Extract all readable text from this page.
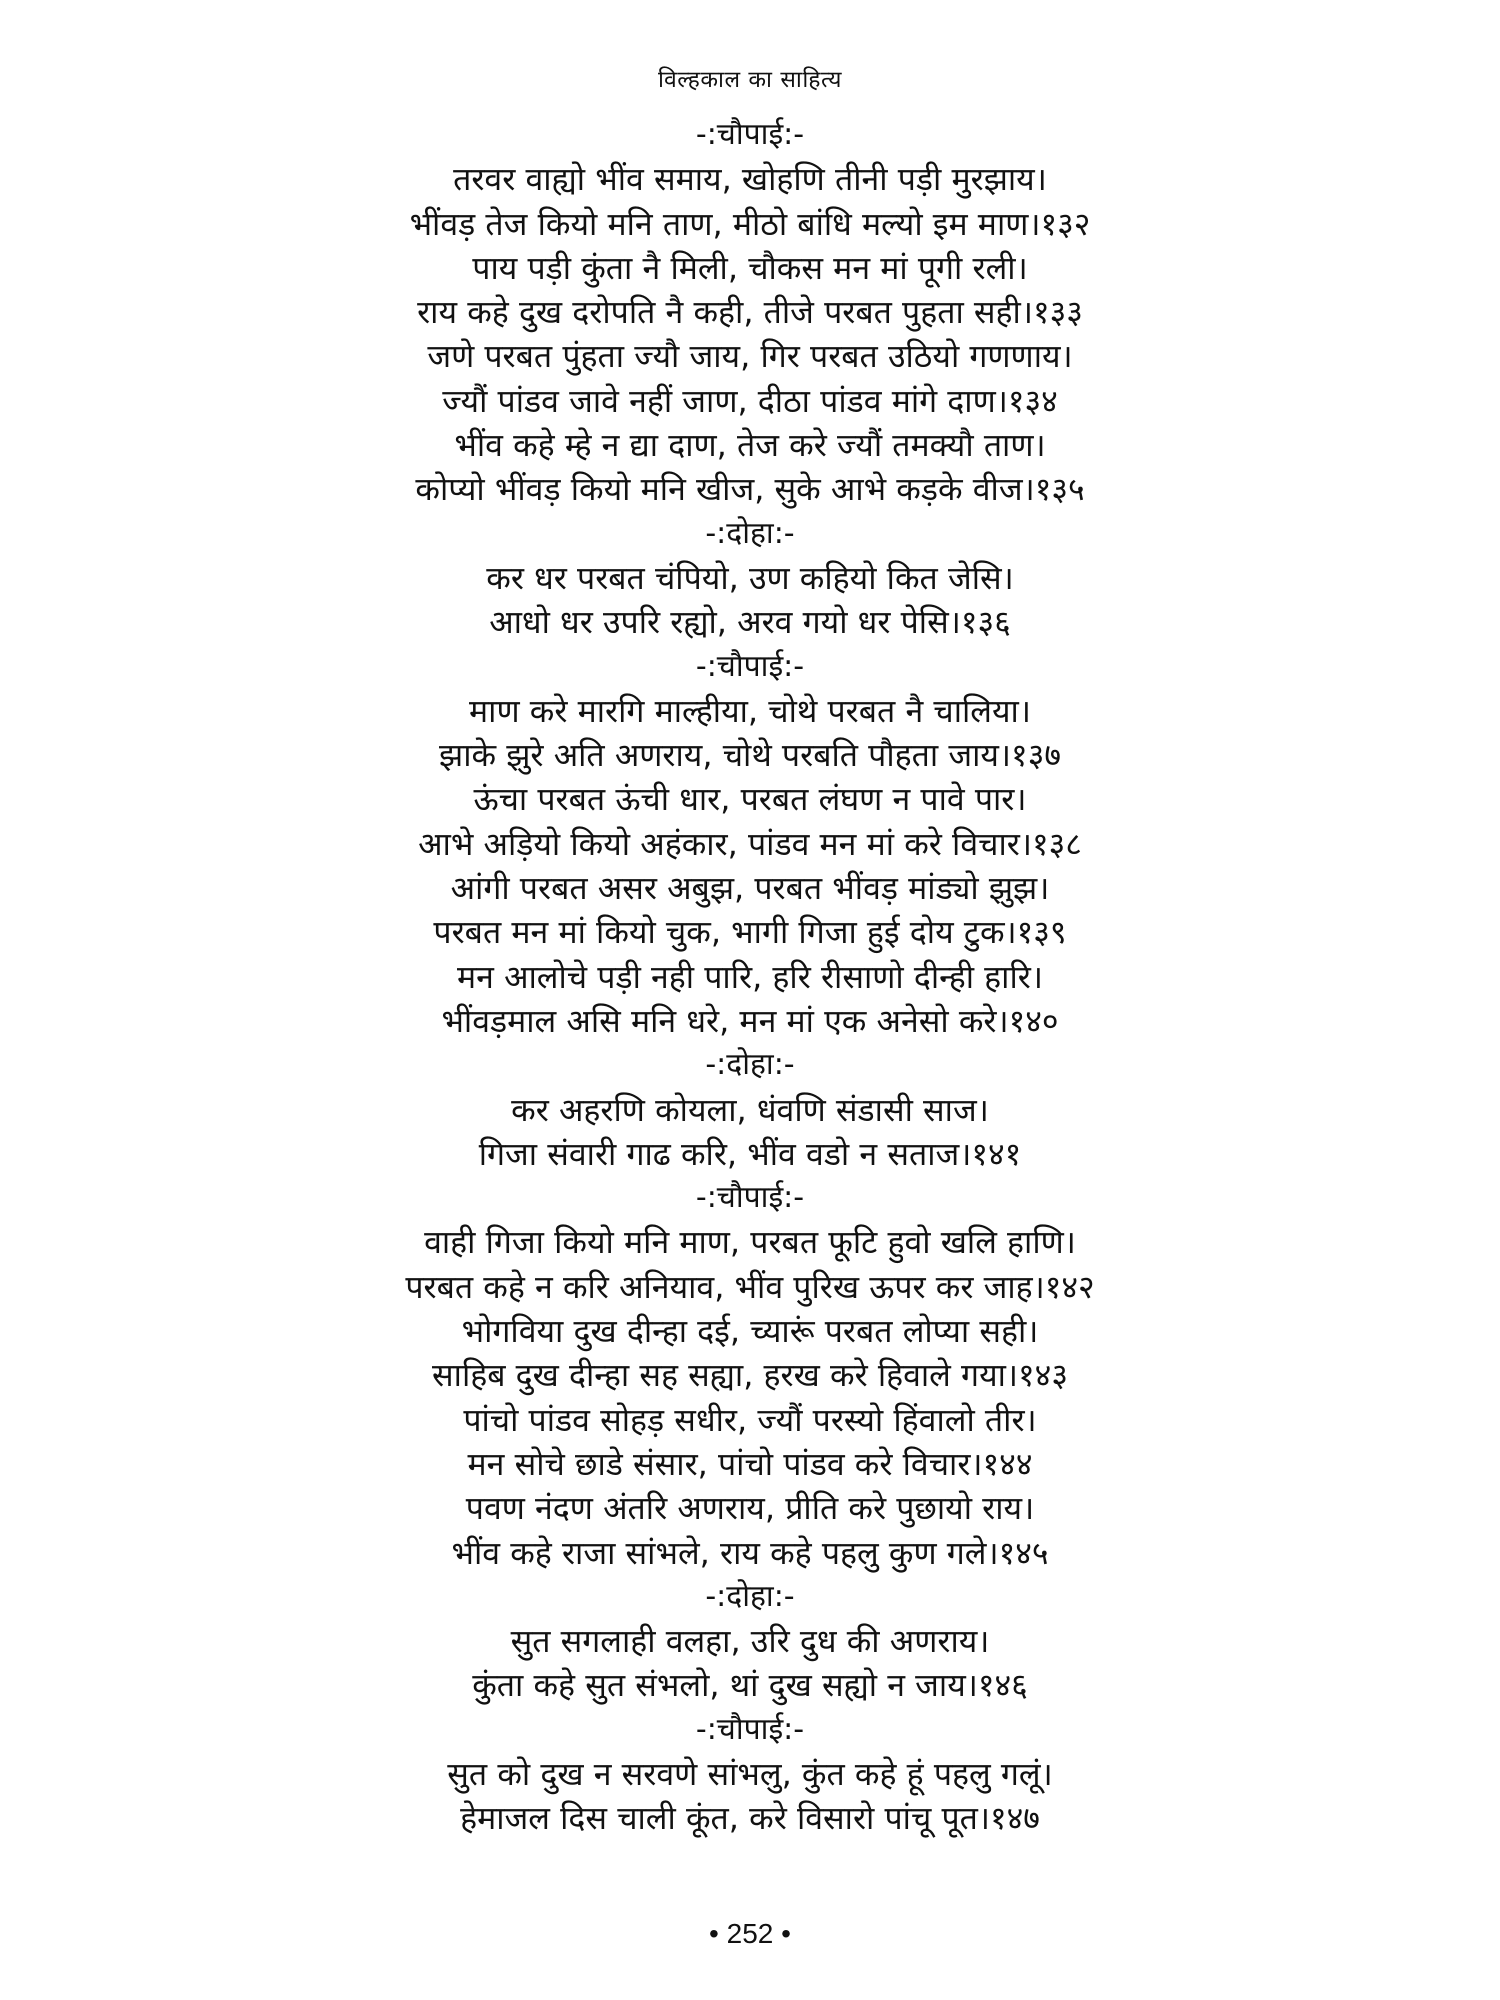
विल्हकाल का साहित्य
-:चौपाई:-
तरवर वाह्यो भींव समाय, खोहणि तीनी पड़ी मुरझाय।
भींवड़ तेज कियो मनि ताण, मीठो बांधि मल्यो इम माण।१३२
पाय पड़ी कुंता नै मिली, चौकस मन मां पूगी रली।
राय कहे दुख दरोपति नै कही, तीजे परबत पुहता सही।१३३
जणे परबत पुंहता ज्यौ जाय, गिर परबत उठियो गणणाय।
ज्यौं पांडव जावे नहीं जाण, दीठा पांडव मांगे दाण।१३४
भींव कहे म्हे न द्या दाण, तेज करे ज्यौं तमक्यौ ताण।
कोप्यो भींवड़ कियो मनि खीज, सुके आभे कड़के वीज।१३५
-:दोहा:-
कर धर परबत चंपियो, उण कहियो कित जेसि।
आधो धर उपरि रह्यो, अरव गयो धर पेसि।१३६
-:चौपाई:-
माण करे मारगि माल्हीया, चोथे परबत नै चालिया।
झाके झुरे अति अणराय, चोथे परबति पौहता जाय।१३७
ऊंचा परबत ऊंची धार, परबत लंघण न पावे पार।
आभे अड़ियो कियो अहंकार, पांडव मन मां करे विचार।१३८
आंगी परबत असर अबुझ, परबत भींवड़ मांड्यो झुझ।
परबत मन मां कियो चुक, भागी गिजा हुई दोय टुक।१३९
मन आलोचे पड़ी नही पारि, हरि रीसाणो दीन्ही हारि।
भींवड़माल असि मनि धरे, मन मां एक अनेसो करे।१४०
-:दोहा:-
कर अहरणि कोयला, धंवणि संडासी साज।
गिजा संवारी गाढ करि, भींव वडो न सताज।१४१
-:चौपाई:-
वाही गिजा कियो मनि माण, परबत फूटि हुवो खलि हाणि।
परबत कहे न करि अनियाव, भींव पुरिख ऊपर कर जाह।१४२
भोगविया दुख दीन्हा दई, च्यारूं परबत लोप्या सही।
साहिब दुख दीन्हा सह सह्या, हरख करे हिवाले गया।१४३
पांचो पांडव सोहड़ सधीर, ज्यौं परस्यो हिंवालो तीर।
मन सोचे छाडे संसार, पांचो पांडव करे विचार।१४४
पवण नंदण अंतरि अणराय, प्रीति करे पुछायो राय।
भींव कहे राजा सांभले, राय कहे पहलु कुण गले।१४५
-:दोहा:-
सुत सगलाही वलहा, उरि दुध की अणराय।
कुंता कहे सुत संभलो, थां दुख सह्यो न जाय।१४६
-:चौपाई:-
सुत को दुख न सरवणे सांभलु, कुंत कहे हूं पहलु गलूं।
हेमाजल दिस चाली कूंत, करे विसारो पांचू पूत।१४७
• 252 •
